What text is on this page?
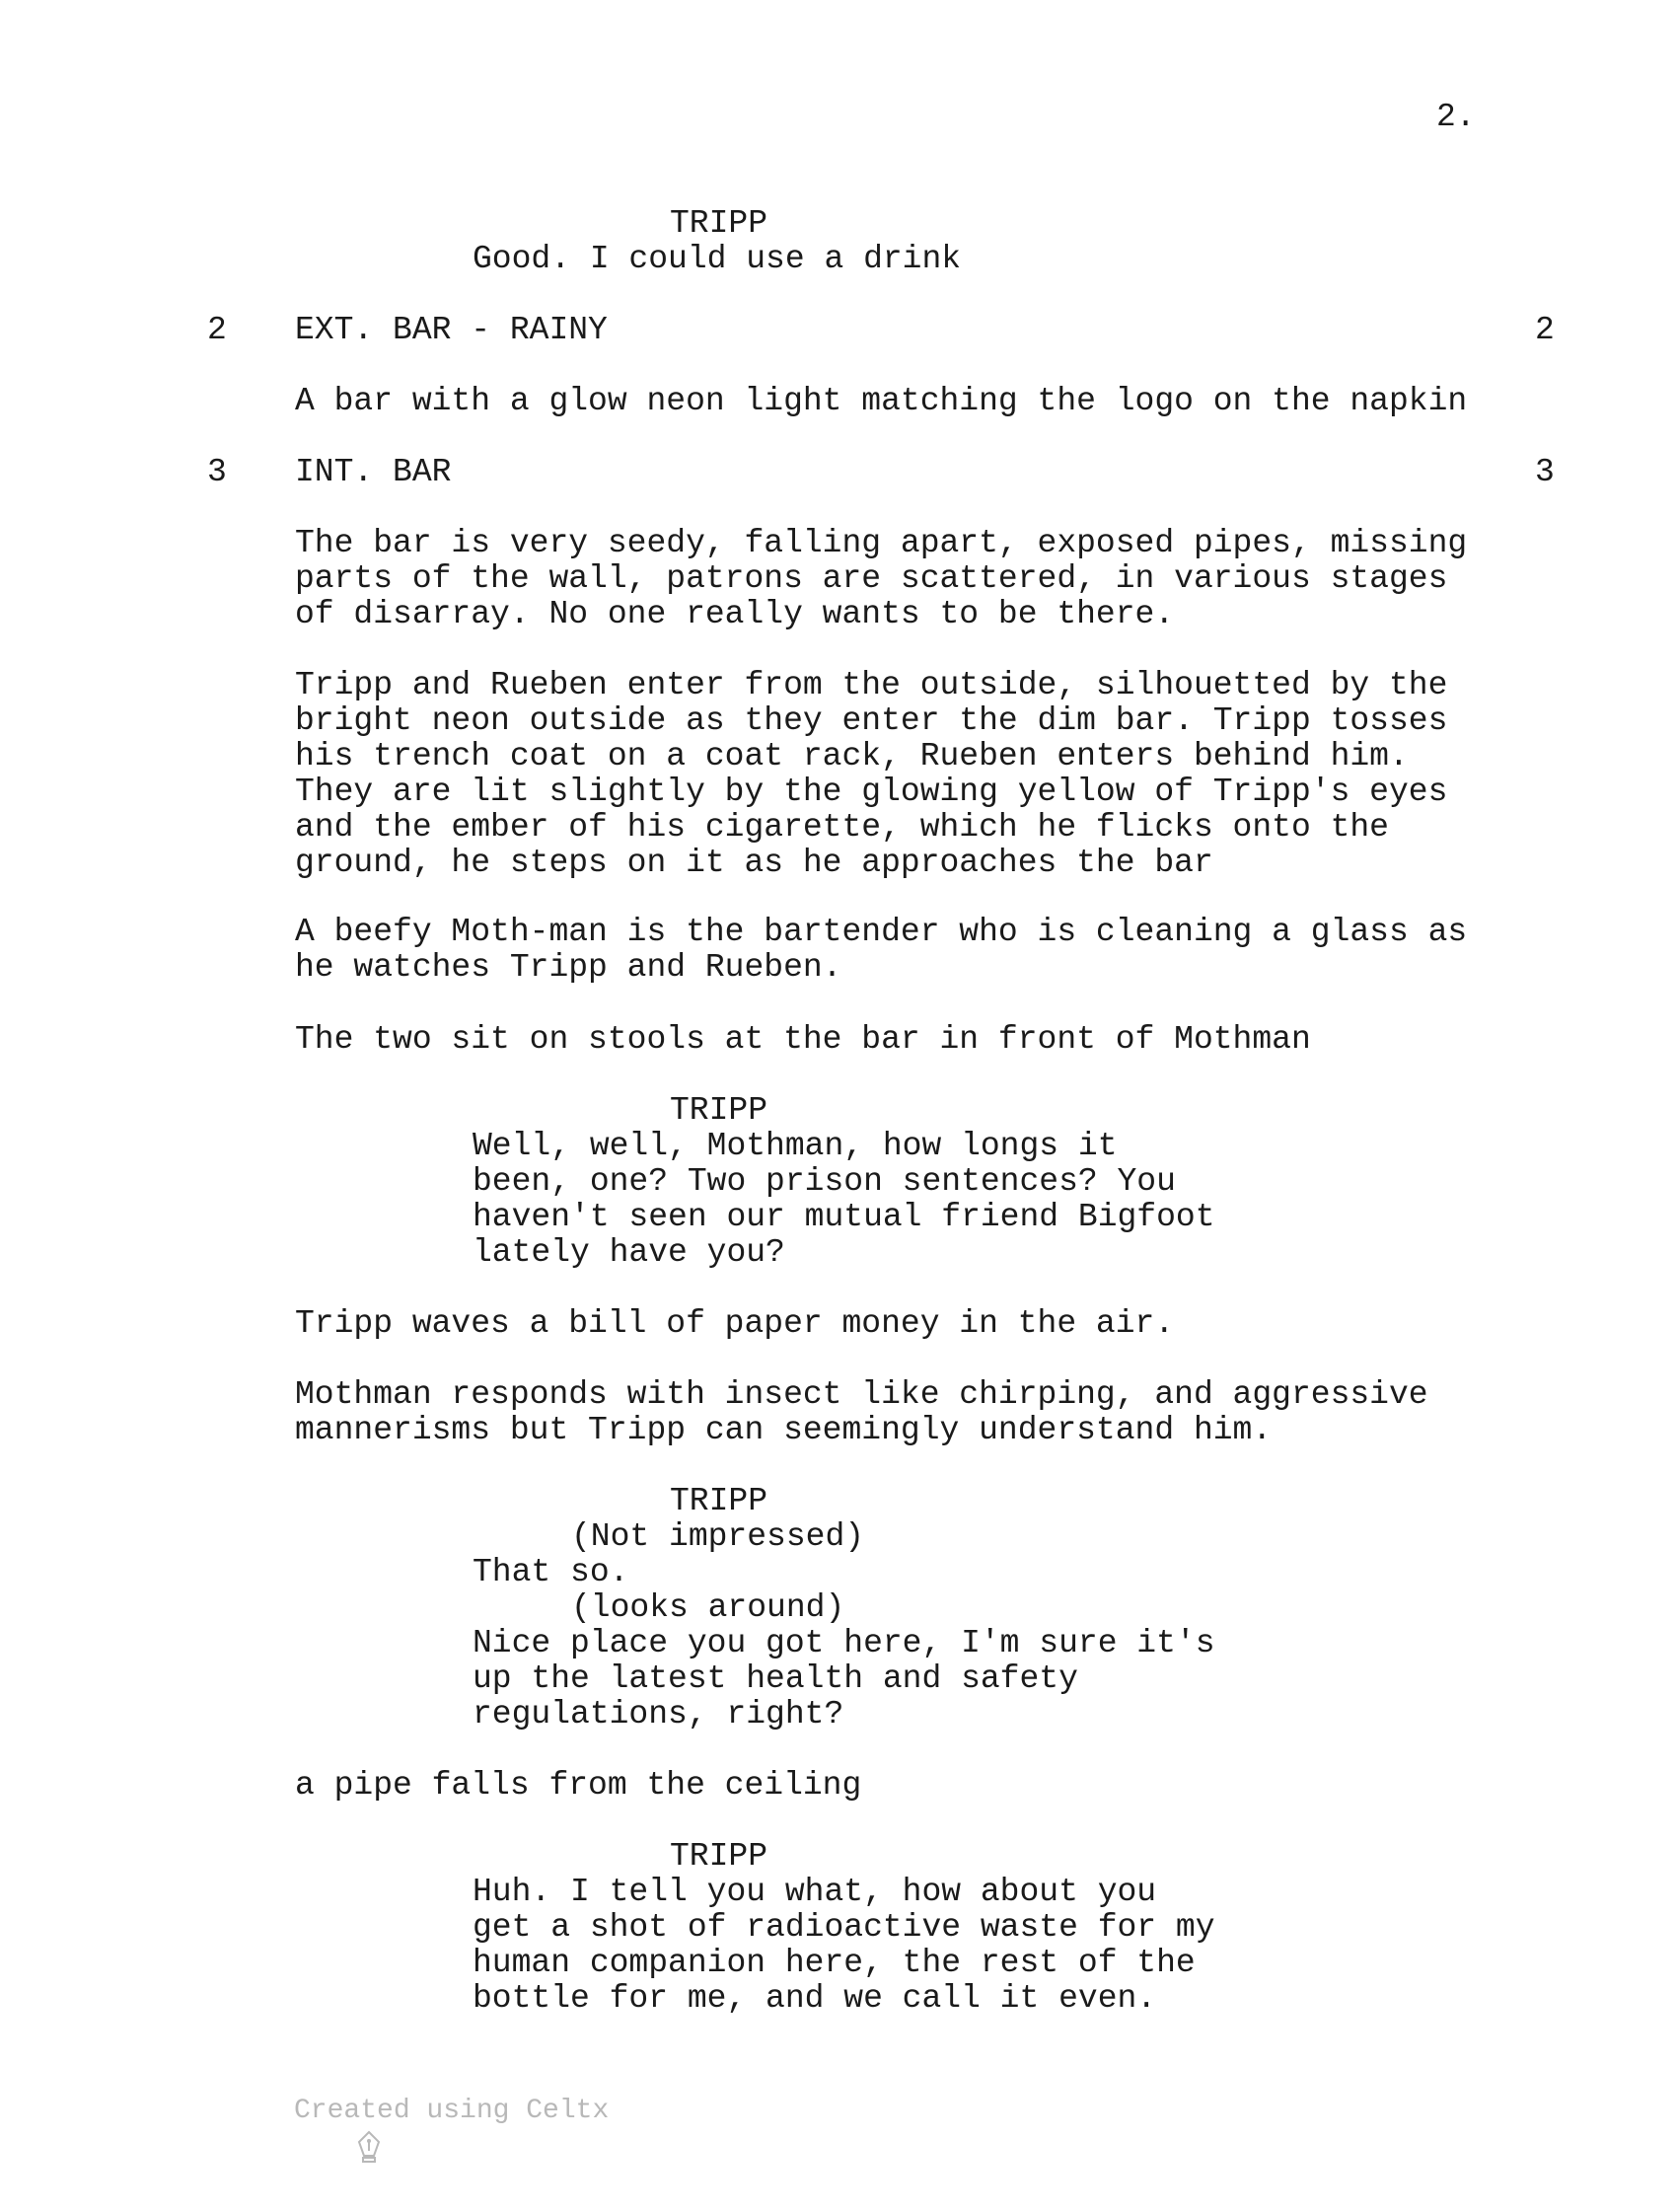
2.
TRIPP
Good. I could use a drink
2 EXT. BAR - RAINY	2
A bar with a glow neon light matching the logo on the napkin
3 INT. BAR	3
The bar is very seedy, falling apart, exposed pipes, missing
parts of the wall, patrons are scattered, in various stages
of disarray. No one really wants to be there.
Tripp and Rueben enter from the outside, silhouetted by the
bright neon outside as they enter the dim bar. Tripp tosses
his trench coat on a coat rack, Rueben enters behind him.
They are lit slightly by the glowing yellow of Tripp's eyes
and the ember of his cigarette, which he flicks onto the
ground, he steps on it as he approaches the bar
A beefy Moth-man is the bartender who is cleaning a glass as
he watches Tripp and Rueben.
The two sit on stools at the bar in front of Mothman
TRIPP
Well, well, Mothman, how longs it
been, one? Two prison sentences? You
haven't seen our mutual friend Bigfoot
lately have you?
Tripp waves a bill of paper money in the air.
Mothman responds with insect like chirping, and aggressive
mannerisms but Tripp can seemingly understand him.
TRIPP
(Not impressed)
That so.
(looks around)
Nice place you got here, I'm sure it's
up the latest health and safety
regulations, right?
a pipe falls from the ceiling
TRIPP
Huh. I tell you what, how about you
get a shot of radioactive waste for my
human companion here, the rest of the
bottle for me, and we call it even.

Created using Celtx
